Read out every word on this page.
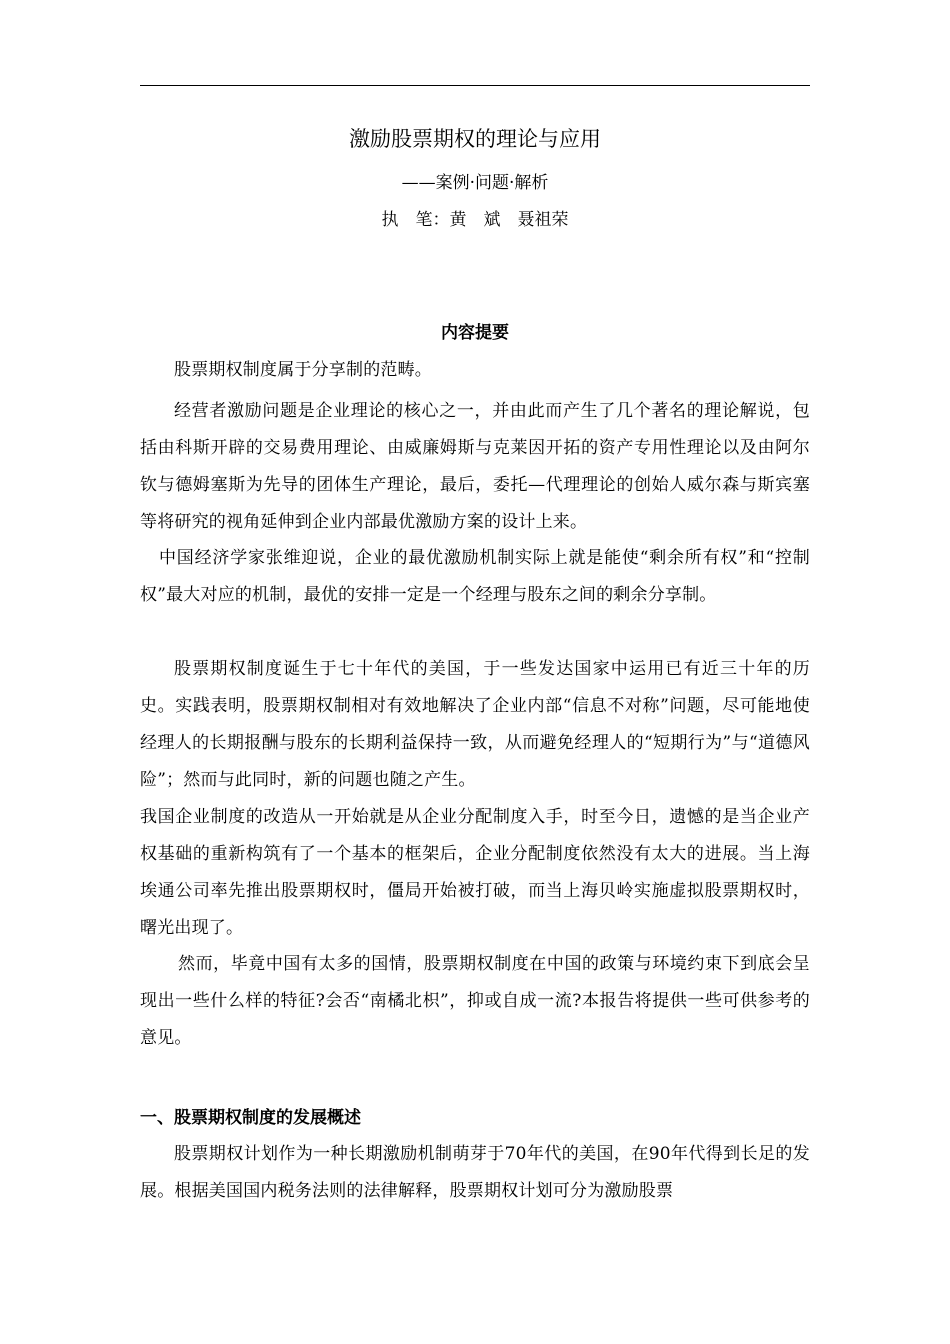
激励股票期权的理论与应用
——案例·问题·解析
执　笔：黄　斌　聂祖荣
内容提要
股票期权制度属于分享制的范畴。
经营者激励问题是企业理论的核心之一，并由此而产生了几个著名的理论解说，包括由科斯开辟的交易费用理论、由威廉姆斯与克莱因开拓的资产专用性理论以及由阿尔钦与德姆塞斯为先导的团体生产理论，最后，委托—代理理论的创始人威尔森与斯宾塞等将研究的视角延伸到企业内部最优激励方案的设计上来。
中国经济学家张维迎说，企业的最优激励机制实际上就是能使“剩余所有权”和“控制权”最大对应的机制，最优的安排一定是一个经理与股东之间的剩余分享制。
股票期权制度诞生于七十年代的美国，于一些发达国家中运用已有近三十年的历史。实践表明，股票期权制相对有效地解决了企业内部“信息不对称”问题，尽可能地使经理人的长期报酬与股东的长期利益保持一致，从而避免经理人的“短期行为”与“道德风险”；然而与此同时，新的问题也随之产生。
我国企业制度的改造从一开始就是从企业分配制度入手，时至今日，遗憾的是当企业产权基础的重新构筑有了一个基本的框架后，企业分配制度依然没有太大的进展。当上海埃通公司率先推出股票期权时，僵局开始被打破，而当上海贝岭实施虚拟股票期权时，曙光出现了。
然而，毕竟中国有太多的国情，股票期权制度在中国的政策与环境约束下到底会呈现出一些什么样的特征?会否“南橘北枳”，抑或自成一流?本报告将提供一些可供参考的意见。
一、股票期权制度的发展概述
股票期权计划作为一种长期激励机制萌芽于70年代的美国，在90年代得到长足的发展。根据美国国内税务法则的法律解释，股票期权计划可分为激励股票
